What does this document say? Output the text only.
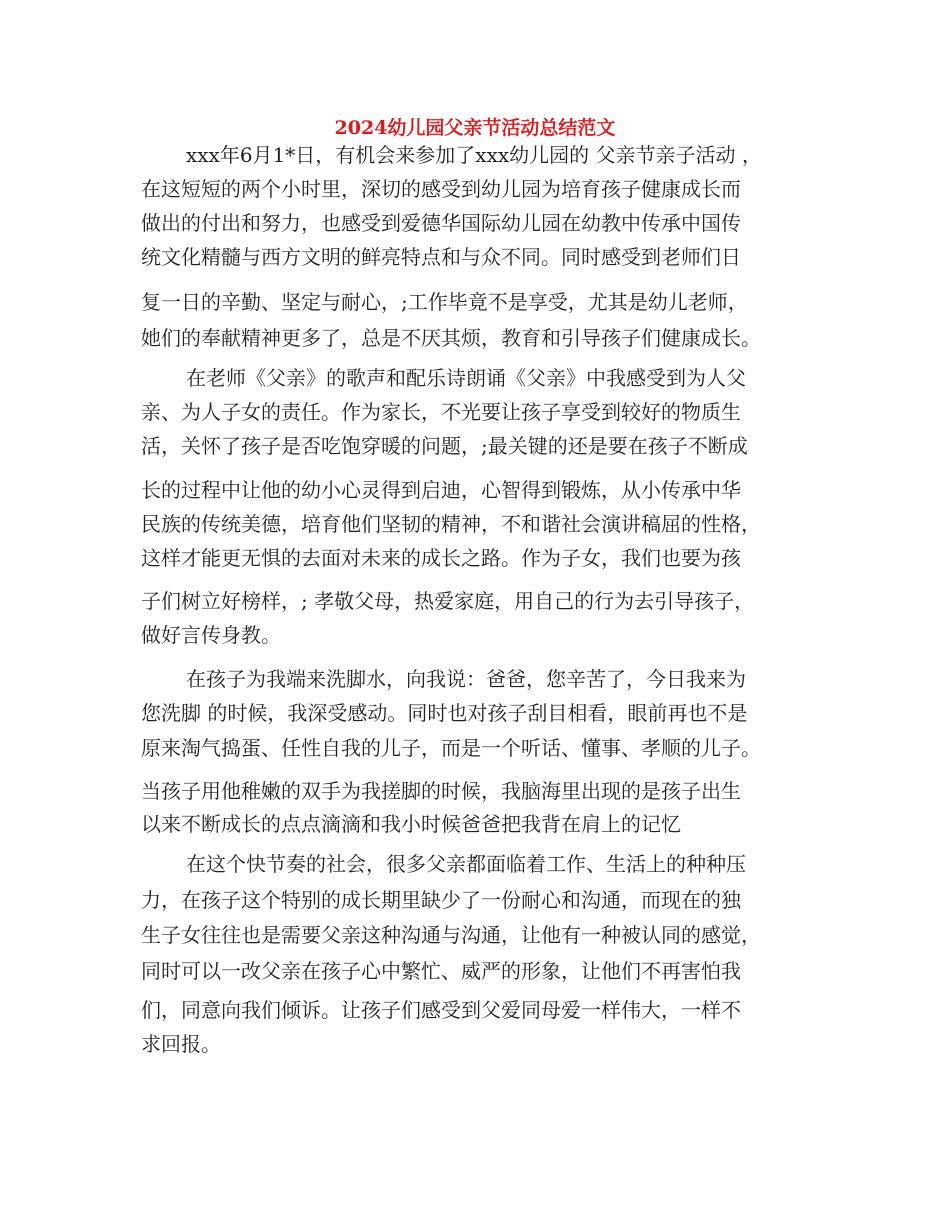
2024幼儿园父亲节活动总结范文
xxx年6月1*日，有机会来参加了xxx幼儿园的 父亲节亲子活动 ，
在这短短的两个小时里，深切的感受到幼儿园为培育孩子健康成长而
做出的付出和努力，也感受到爱德华国际幼儿园在幼教中传承中国传
统文化精髓与西方文明的鲜亮特点和与众不同。同时感受到老师们日
复一日的辛勤、坚定与耐心，;工作毕竟不是享受，尤其是幼儿老师，
她们的奉献精神更多了，总是不厌其烦，教育和引导孩子们健康成长。
在老师《父亲》的歌声和配乐诗朗诵《父亲》中我感受到为人父
亲、为人子女的责任。作为家长，不光要让孩子享受到较好的物质生
活，关怀了孩子是否吃饱穿暖的问题，;最关键的还是要在孩子不断成
长的过程中让他的幼小心灵得到启迪，心智得到锻炼，从小传承中华
民族的传统美德，培育他们坚韧的精神，不和谐社会演讲稿屈的性格，
这样才能更无惧的去面对未来的成长之路。作为子女，我们也要为孩
子们树立好榜样，; 孝敬父母，热爱家庭，用自己的行为去引导孩子，
做好言传身教。
在孩子为我端来洗脚水，向我说：爸爸，您辛苦了，今日我来为
您洗脚 的时候，我深受感动。同时也对孩子刮目相看，眼前再也不是
原来淘气捣蛋、任性自我的儿子，而是一个听话、懂事、孝顺的儿子。
当孩子用他稚嫩的双手为我搓脚的时候，我脑海里出现的是孩子出生
以来不断成长的点点滴滴和我小时候爸爸把我背在肩上的记忆
在这个快节奏的社会，很多父亲都面临着工作、生活上的种种压
力，在孩子这个特别的成长期里缺少了一份耐心和沟通，而现在的独
生子女往往也是需要父亲这种沟通与沟通，让他有一种被认同的感觉，
同时可以一改父亲在孩子心中繁忙、威严的形象，让他们不再害怕我
们，同意向我们倾诉。让孩子们感受到父爱同母爱一样伟大，一样不
求回报。
